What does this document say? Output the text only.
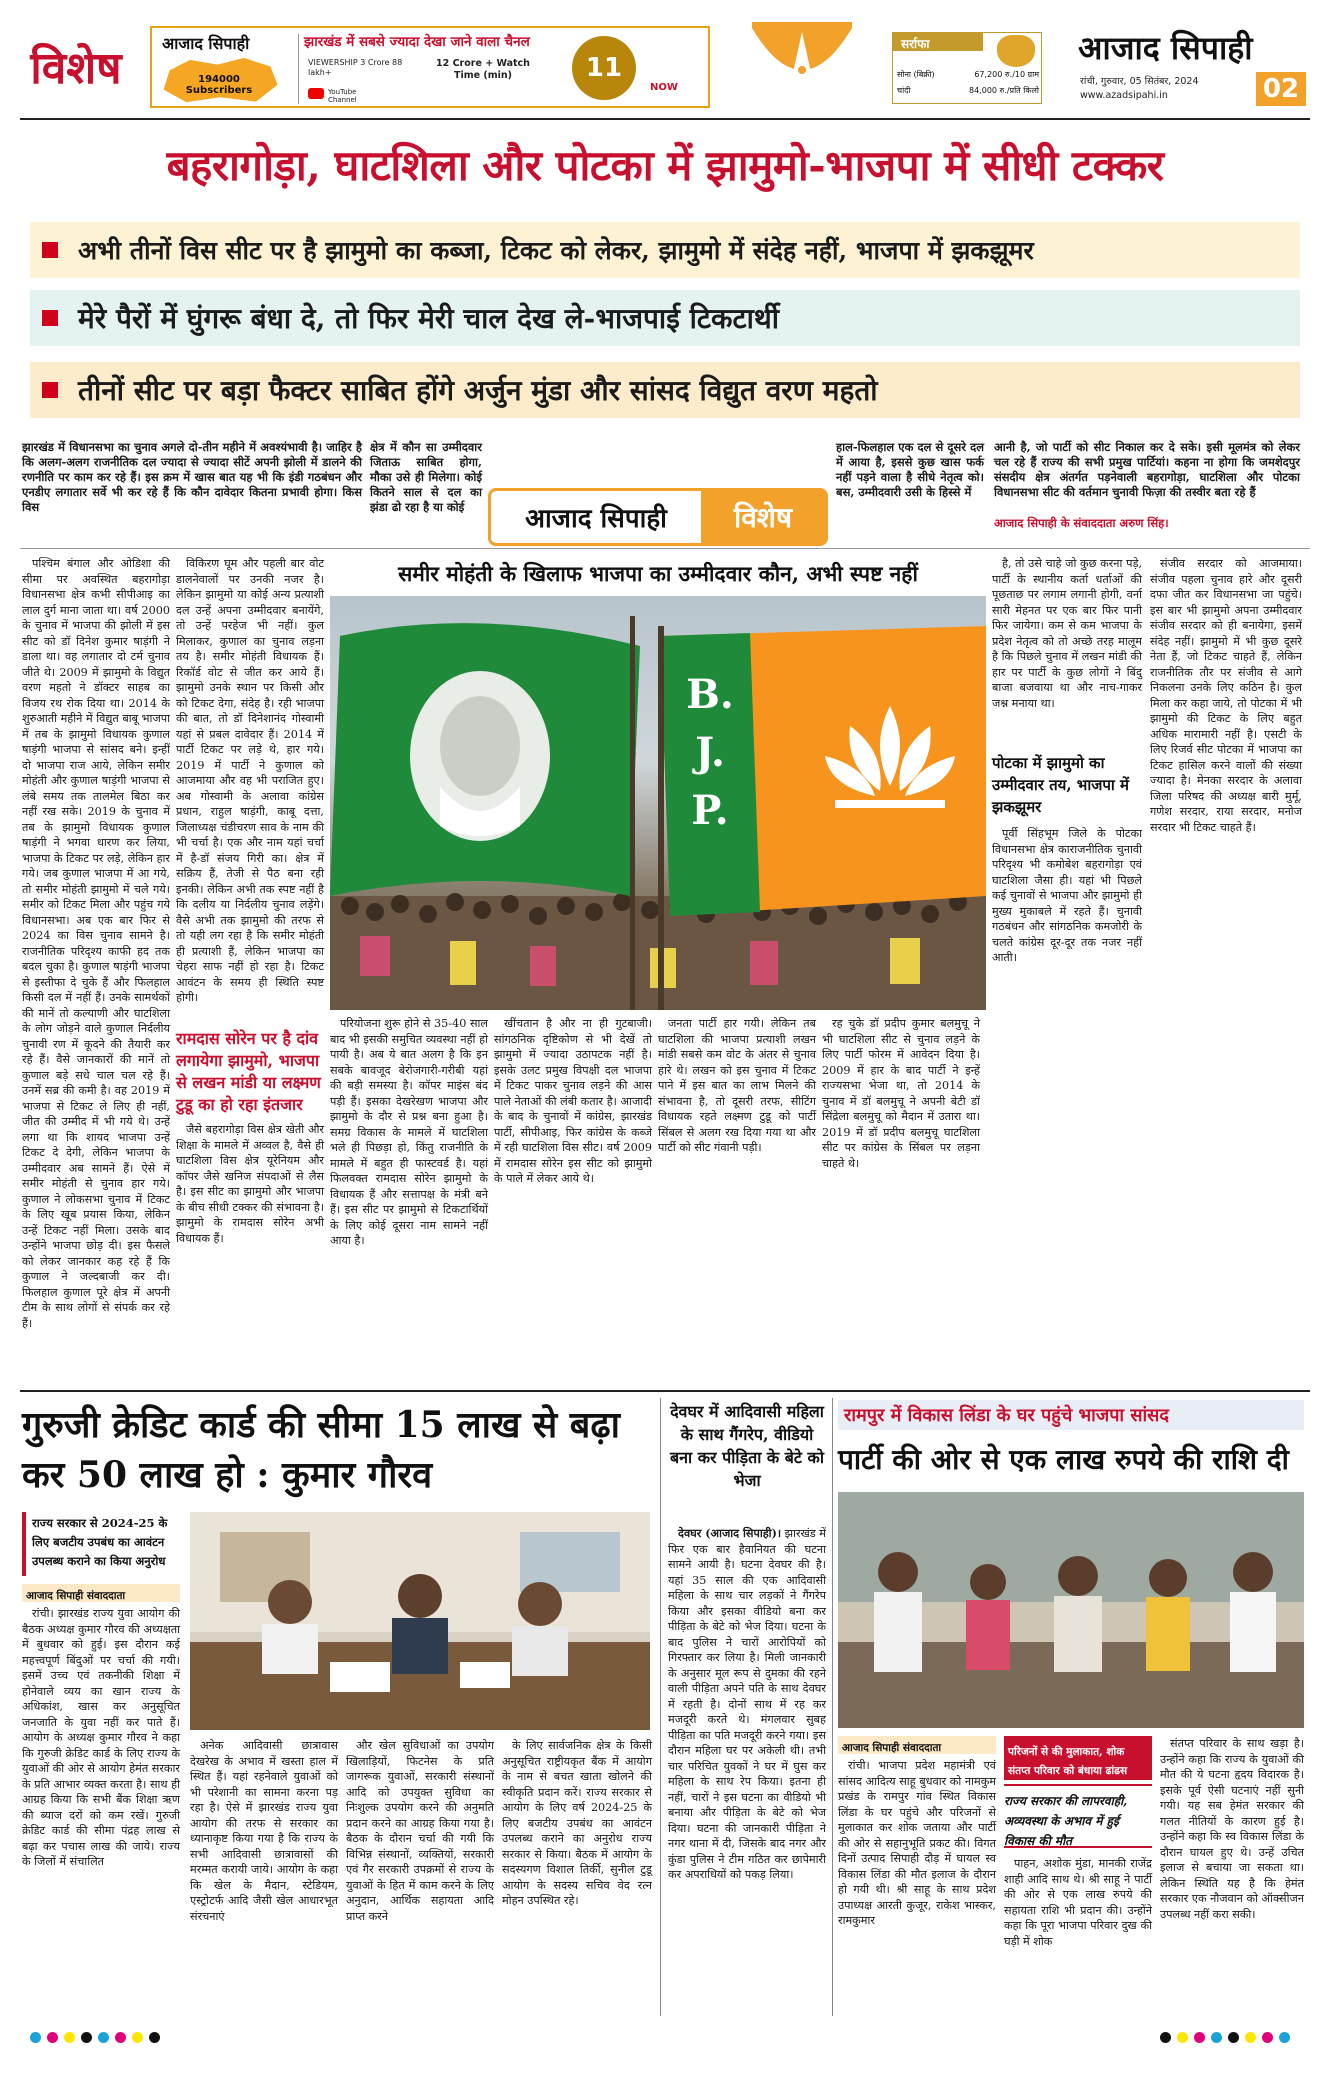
विशेष	आजाद सिपाही
194000 Subscribers
झारखंड में सबसे ज्यादा देखा जाने वाला चैनल
VIEWERSHIP 3 Crore 88 lakh+
12 Crore + Watch Time (min)
YouTube Channel
11
NOW
सर्राफा
सोना (बिक्री)	67,200 रु./10 ग्राम
चांदी	84,000 रु./प्रति किलो
आजाद सिपाही
रांची, गुरुवार, 05 सितंबर, 2024
www.azadsipahi.in	02
बहरागोड़ा, घाटशिला और पोटका में झामुमो-भाजपा में सीधी टक्कर
अभी तीनों विस सीट पर है झामुमो का कब्जा, टिकट को लेकर, झामुमो में संदेह नहीं, भाजपा में झकझूमर
मेरे पैरों में घुंगरू बंधा दे, तो फिर मेरी चाल देख ले-भाजपाई टिकटार्थी
तीनों सीट पर बड़ा फैक्टर साबित होंगे अर्जुन मुंडा और सांसद विद्युत वरण महतो
झारखंड में विधानसभा का चुनाव अगले दो-तीन महीने में अवश्यंभावी है। जाहिर है कि अलग-अलग राजनीतिक दल ज्यादा से ज्यादा सीटें अपनी झोली में डालने की रणनीति पर काम कर रहे हैं। इस क्रम में खास बात यह भी कि इंडी गठबंधन और एनडीए लगातार सर्वे भी कर रहे हैं कि कौन दावेदार कितना प्रभावी होगा। किस विस
क्षेत्र में कौन सा उम्मीदवार जिताऊ साबित होगा, मौका उसे ही मिलेगा। कोई कितने साल से दल का झंडा ढो रहा है या कोई
हाल-फिलहाल एक दल से दूसरे दल में आया है, इससे कुछ खास फर्क नहीं पड़ने वाला है सीधे नेतृत्व को। बस, उम्मीदवारी उसी के हिस्से में
आनी है, जो पार्टी को सीट निकाल कर दे सके। इसी मूलमंत्र को लेकर चल रहे हैं राज्य की सभी प्रमुख पार्टियां। कहना ना होगा कि जमशेदपुर संसदीय क्षेत्र अंतर्गत पड़नेवाली बहरागोड़ा, घाटशिला और पोटका विधानसभा सीट की वर्तमान चुनावी फिज़ा की तस्वीर बता रहे हैं
आजाद सिपाही के संवाददाता अरुण सिंह।
आजाद सिपाही विशेष
समीर मोहंती के खिलाफ भाजपा का उम्मीदवार कौन, अभी स्पष्ट नहीं
B. J. P.

पश्चिम बंगाल और ओडिशा की सीमा पर अवस्थित बहरागोड़ा विधानसभा क्षेत्र कभी सीपीआइ का लाल दुर्ग माना जाता था। वर्ष 2000 के चुनाव में भाजपा की झोली में इस सीट को डॉ दिनेश कुमार षाड़ंगी ने डाला था। वह लगातार दो टर्म चुनाव जीते थे। 2009 में झामुमो के विद्युत वरण महतो ने डॉक्टर साहब का विजय रथ रोक दिया था। 2014 के शुरुआती महीने में विद्युत बाबू भाजपा में तब के झामुमो विधायक कुणाल षाड़ंगी भाजपा से सांसद बने। इन्हीं दो भाजपा राज आये, लेकिन समीर मोहंती और कुणाल षाड़ंगी भाजपा से लंबे समय तक तालमेल बिठा कर नहीं रख सके। 2019 के चुनाव में तब के झामुमो विधायक कुणाल षाड़ंगी ने भगवा धारण कर लिया, भाजपा के टिकट पर लड़े, लेकिन हार गये। जब कुणाल भाजपा में आ गये, तो समीर मोहंती झामुमो में चले गये। समीर को टिकट मिला और पहुंच गये विधानसभा। अब एक बार फिर से 2024 का विस चुनाव सामने है। राजनीतिक परिदृश्य काफी हद तक बदल चुका है। कुणाल षाड़ंगी भाजपा से इस्तीफा दे चुके हैं और फिलहाल किसी दल में नहीं हैं। उनके सामर्थकों की मानें तो कल्याणी और घाटशिला के लोग जोड़ने वाले कुणाल निर्दलीय चुनावी रण में कूदने की तैयारी कर रहे हैं। वैसे जानकारों की मानें तो कुणाल बड़े सधे चाल चल रहे हैं। उनमें सब्र की कमी है। वह 2019 में भाजपा से टिकट ले लिए ही नहीं, जीत की उम्मीद में भी गये थे। उन्हें लगा था कि शायद भाजपा उन्हें टिकट दे देगी, लेकिन भाजपा के उम्मीदवार अब सामने हैं। ऐसे में समीर मोहंती से चुनाव हार गये। कुणाल ने लोकसभा चुनाव में टिकट के लिए खूब प्रयास किया, लेकिन उन्हें टिकट नहीं मिला। उसके बाद उन्होंने भाजपा छोड़ दी। इस फैसले को लेकर जानकार कह रहे हैं कि कुणाल ने जल्दबाजी कर दी। फिलहाल कुणाल पूरे क्षेत्र में अपनी टीम के साथ लोगों से संपर्क कर रहे हैं।

विकिरण घूम और पहली बार वोट डालनेवालों पर उनकी नजर है। लेकिन झामुमो या कोई अन्य प्रत्याशी दल उन्हें अपना उम्मीदवार बनायेंगे, तो उन्हें परहेज भी नहीं। कुल मिलाकर, कुणाल का चुनाव लड़ना तय है। समीर मोहंती विधायक हैं। रिकॉर्ड वोट से जीत कर आये हैं। झामुमो उनके स्थान पर किसी और को टिकट देगा, संदेह है। रही भाजपा की बात, तो डॉ दिनेशानंद गोस्वामी यहां से प्रबल दावेदार हैं। 2014 में पार्टी टिकट पर लड़े थे, हार गये। 2019 में पार्टी ने कुणाल को आजमाया और वह भी पराजित हुए। अब गोस्वामी के अलावा कांग्रेस प्रधान, राहुल षाड़ंगी, काबू दत्ता, जिलाध्यक्ष चंडीचरण साव के नाम की भी चर्चा है। एक और नाम यहां चर्चा में है-डॉ संजय गिरी का। क्षेत्र में सक्रिय हैं, तेजी से पैठ बना रही इनकी। लेकिन अभी तक स्पष्ट नहीं है कि दलीय या निर्दलीय चुनाव लड़ेंगे। वैसे अभी तक झामुमो की तरफ से तो यही लग रहा है कि समीर मोहंती ही प्रत्याशी हैं, लेकिन भाजपा का चेहरा साफ नहीं हो रहा है। टिकट आवंटन के समय ही स्थिति स्पष्ट होगी।

रामदास सोरेन पर है दांव लगायेगा झामुमो, भाजपा से लखन मांडी या लक्ष्मण टुडू का हो रहा इंतजार

जैसे बहरागोड़ा विस क्षेत्र खेती और शिक्षा के मामले में अव्वल है, वैसे ही घाटशिला विस क्षेत्र यूरेनियम और कॉपर जैसे खनिज संपदाओं से लैस है। इस सीट का झामुमो और भाजपा के बीच सीधी टक्कर की संभावना है। झामुमो के रामदास सोरेन अभी विधायक हैं।

परियोजना शुरू होने से 35-40 साल बाद भी इसकी समुचित व्यवस्था नहीं हो पायी है। अब ये बात अलग है कि इन सबके बावजूद बेरोजगारी-गरीबी यहां की बड़ी समस्या है। कॉपर माइंस बंद पड़ी हैं। इसका देखरेखण भाजपा और झामुमो के दौर से प्रश्न बना हुआ है। समग्र विकास के मामले में घाटशिला भले ही पिछड़ा हो, किंतु राजनीति के मामले में बहुत ही फास्टवर्ड है। यहां फिलवक्त रामदास सोरेन झामुमो के विधायक हैं और सत्तापक्ष के मंत्री बने हैं। इस सीट पर झामुमो से टिकटार्थियों के लिए कोई दूसरा नाम सामने नहीं आया है।

खींचतान है और ना ही गुटबाजी। सांगठनिक दृष्टिकोण से भी देखें तो झामुमो में ज्यादा उठापटक नहीं है। इसके उलट प्रमुख विपक्षी दल भाजपा में टिकट पाकर चुनाव लड़ने की आस पाले नेताओं की लंबी कतार है। आजादी के बाद के चुनावों में कांग्रेस, झारखंड पार्टी, सीपीआइ, फिर कांग्रेस के कब्जे में रही घाटशिला विस सीट। वर्ष 2009 में रामदास सोरेन इस सीट को झामुमो के पाले में लेकर आये थे।

जनता पार्टी हार गयी। लेकिन तब घाटशिला की भाजपा प्रत्याशी लखन मांडी सबसे कम वोट के अंतर से चुनाव हारे थे। लखन को इस चुनाव में टिकट पाने में इस बात का लाभ मिलने की संभावना है, तो दूसरी तरफ, सीटिंग विधायक रहते लक्ष्मण टुडू को पार्टी सिंबल से अलग रख दिया गया था और पार्टी को सीट गंवानी पड़ी।

रह चुके डॉ प्रदीप कुमार बलमुचू ने भी घाटशिला सीट से चुनाव लड़ने के लिए पार्टी फोरम में आवेदन दिया है। 2009 में हार के बाद पार्टी ने इन्हें राज्यसभा भेजा था, तो 2014 के चुनाव में डॉ बलमुचू ने अपनी बेटी डॉ सिंद्रेला बलमुचू को मैदान में उतारा था। 2019 में डॉ प्रदीप बलमुचू घाटशिला सीट पर कांग्रेस के सिंबल पर लड़ना चाहते थे।

है, तो उसे चाहे जो कुछ करना पड़े, पार्टी के स्थानीय कर्ता धर्ताओं की पूछताछ पर लगाम लगानी होगी, वर्ना सारी मेहनत पर एक बार फिर पानी फिर जायेगा। कम से कम भाजपा के प्रदेश नेतृत्व को तो अच्छे तरह मालूम है कि पिछले चुनाव में लखन मांडी की हार पर पार्टी के कुछ लोगों ने बिंदु बाजा बजवाया था और नाच-गाकर जश्न मनाया था।

पोटका में झामुमो का उम्मीदवार तय, भाजपा में झकझूमर

पूर्वी सिंहभूम जिले के पोटका विधानसभा क्षेत्र काराजनीतिक चुनावी परिदृश्य भी कमोबेश बहरागोड़ा एवं घाटशिला जैसा ही। यहां भी पिछले कई चुनावों से भाजपा और झामुमो ही मुख्य मुकाबले में रहते हैं। चुनावी गठबंधन और सांगठनिक कमजोरी के चलते कांग्रेस दूर-दूर तक नजर नहीं आती।

संजीव सरदार को आजमाया। संजीव पहला चुनाव हारे और दूसरी दफा जीत कर विधानसभा जा पहुंचे। इस बार भी झामुमो अपना उम्मीदवार संजीव सरदार को ही बनायेगा, इसमें संदेह नहीं। झामुमो में भी कुछ दूसरे नेता हैं, जो टिकट चाहते हैं, लेकिन राजनीतिक तौर पर संजीव से आगे निकलना उनके लिए कठिन है। कुल मिला कर कहा जाये, तो पोटका में भी झामुमो की टिकट के लिए बहुत अधिक मारामारी नहीं है। एसटी के लिए रिजर्व सीट पोटका में भाजपा का टिकट हासिल करने वालों की संख्या ज्यादा है। मेनका सरदार के अलावा जिला परिषद की अध्यक्ष बारी मुर्मू, गणेश सरदार, राया सरदार, मनोज सरदार भी टिकट चाहते हैं।

गुरुजी क्रेडिट कार्ड की सीमा 15 लाख से बढ़ा कर 50 लाख हो : कुमार गौरव
राज्य सरकार से 2024-25 के लिए बजटीय उपबंध का आवंटन उपलब्ध कराने का किया अनुरोध
आजाद सिपाही संवाददाता

रांची। झारखंड राज्य युवा आयोग की बैठक अध्यक्ष कुमार गौरव की अध्यक्षता में बुधवार को हुई। इस दौरान कई महत्त्वपूर्ण बिंदुओं पर चर्चा की गयी। इसमें उच्च एवं तकनीकी शिक्षा में होनेवाले व्यय का खान राज्य के अधिकांश, खास कर अनुसूचित जनजाति के युवा नहीं कर पाते हैं। आयोग के अध्यक्ष कुमार गौरव ने कहा कि गुरुजी क्रेडिट कार्ड के लिए राज्य के युवाओं की ओर से आयोग हेमंत सरकार के प्रति आभार व्यक्त करता है। साथ ही आग्रह किया कि सभी बैंक शिक्षा ऋण की ब्याज दरों को कम रखें। गुरुजी क्रेडिट कार्ड की सीमा पंद्रह लाख से बढ़ा कर पचास लाख की जाये। राज्य के जिलों में संचालित

अनेक आदिवासी छात्रावास देखरेख के अभाव में खस्ता हाल में स्थित हैं। यहां रहनेवाले युवाओं को भी परेशानी का सामना करना पड़ रहा है। ऐसे में झारखंड राज्य युवा आयोग की तरफ से सरकार का ध्यानाकृष्ट किया गया है कि राज्य के सभी आदिवासी छात्रावासों की मरम्मत करायी जाये। आयोग के कहा कि खेल के मैदान, स्टेडियम, एस्ट्रोटर्फ आदि जैसी खेल आधारभूत संरचनाएं

और खेल सुविधाओं का उपयोग खिलाड़ियों, फिटनेस के प्रति जागरूक युवाओं, सरकारी संस्थानों आदि को उपयुक्त सुविधा का निःशुल्क उपयोग करने की अनुमति प्रदान करने का आग्रह किया गया है। बैठक के दौरान चर्चा की गयी कि विभिन्न संस्थानों, व्यक्तियों, सरकारी एवं गैर सरकारी उपक्रमों से राज्य के युवाओं के हित में काम करने के लिए अनुदान, आर्थिक सहायता आदि प्राप्त करने

के लिए सार्वजनिक क्षेत्र के किसी अनुसूचित राष्ट्रीयकृत बैंक में आयोग के नाम से बचत खाता खोलने की स्वीकृति प्रदान करें। राज्य सरकार से आयोग के लिए वर्ष 2024-25 के लिए बजटीय उपबंध का आवंटन उपलब्ध कराने का अनुरोध राज्य सरकार से किया। बैठक में आयोग के सदस्यगण विशाल तिर्की, सुनील टुडू आयोग के सदस्य सचिव वेद रत्न मोहन उपस्थित रहे।

देवघर में आदिवासी महिला के साथ गैंगरेप, वीडियो बना कर पीड़िता के बेटे को भेजा

देवघर (आजाद सिपाही)। झारखंड में फिर एक बार हैवानियत की घटना सामने आयी है। घटना देवघर की है। यहां 35 साल की एक आदिवासी महिला के साथ चार लड़कों ने गैंगरेप किया और इसका वीडियो बना कर पीड़िता के बेटे को भेज दिया। घटना के बाद पुलिस ने चारों आरोपियों को गिरफ्तार कर लिया है। मिली जानकारी के अनुसार मूल रूप से दुमका की रहने वाली पीड़िता अपने पति के साथ देवघर में रहती है। दोनों साथ में रह कर मजदूरी करते थे। मंगलवार सुबह पीड़िता का पति मजदूरी करने गया। इस दौरान महिला घर पर अकेली थी। तभी चार परिचित युवकों ने घर में घुस कर महिला के साथ रेप किया। इतना ही नहीं, चारों ने इस घटना का वीडियो भी बनाया और पीड़िता के बेटे को भेज दिया। घटना की जानकारी पीड़िता ने नगर थाना में दी, जिसके बाद नगर और कुंडा पुलिस ने टीम गठित कर छापेमारी कर अपराधियों को पकड़ लिया।

रामपुर में विकास लिंडा के घर पहुंचे भाजपा सांसद
पार्टी की ओर से एक लाख रुपये की राशि दी
आजाद सिपाही संवाददाता

रांची। भाजपा प्रदेश महामंत्री एवं सांसद आदित्य साहू बुधवार को नामकुम प्रखंड के रामपुर गांव स्थित विकास लिंडा के घर पहुंचे और परिजनों से मुलाकात कर शोक जताया और पार्टी की ओर से सहानुभूति प्रकट की। विगत दिनों उत्पाद सिपाही दौड़ में घायल स्व विकास लिंडा की मौत इलाज के दौरान हो गयी थी। श्री साहू के साथ प्रदेश उपाध्यक्ष आरती कुजूर, राकेश भास्कर, रामकुमार

परिजनों से की मुलाकात, शोक संतप्त परिवार को बंधाया ढांढस
राज्य सरकार की लापरवाही, अव्यवस्था के अभाव में हुई विकास की मौत

पाहन, अशोक मुंडा, मानकी राजेंद्र शाही आदि साथ थे। श्री साहू ने पार्टी की ओर से एक लाख रुपये की सहायता राशि भी प्रदान की। उन्होंने कहा कि पूरा भाजपा परिवार दुख की घड़ी में शोक

संतप्त परिवार के साथ खड़ा है। उन्होंने कहा कि राज्य के युवाओं की मौत की ये घटना हृदय विदारक है। इसके पूर्व ऐसी घटनाएं नहीं सुनी गयी। यह सब हेमंत सरकार की गलत नीतियों के कारण हुई है। उन्होंने कहा कि स्व विकास लिंडा के दौरान घायल हुए थे। उन्हें उचित इलाज से बचाया जा सकता था। लेकिन स्थिति यह है कि हेमंत सरकार एक नौजवान को ऑक्सीजन उपलब्ध नहीं करा सकी।
